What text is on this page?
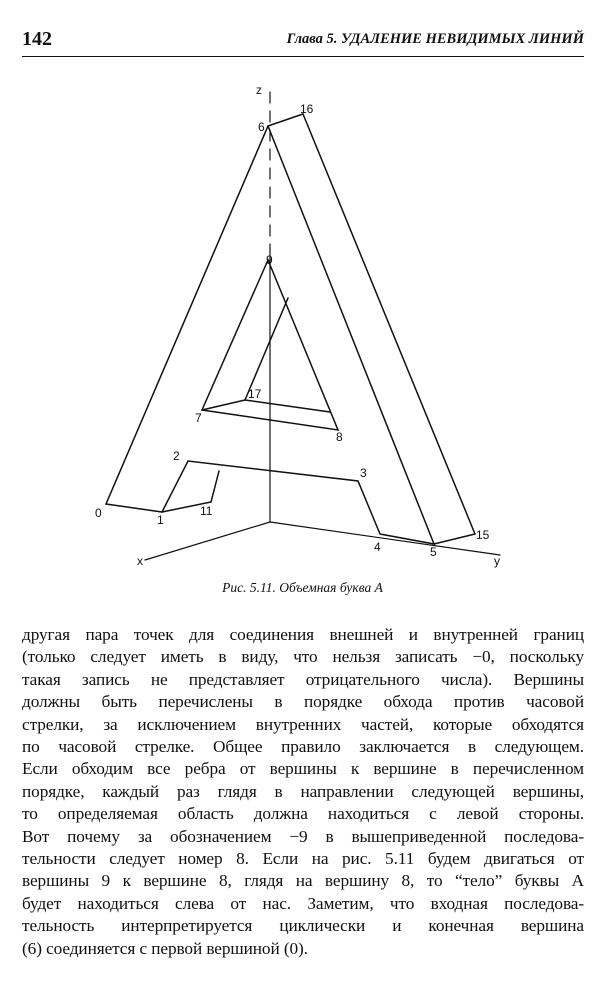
142	Глава 5. УДАЛЕНИЕ НЕВИДИМЫХ ЛИНИЙ
z
x	y
0	1
2
3
4	5
6
7
8
9
11
15
16
17
Рис. 5.11. Объемная буква А
другая пара точек для соединения внешней и внутренней границ
(только следует иметь в виду, что нельзя записать −0, поскольку
такая запись не представляет отрицательного числа). Вершины
должны быть перечислены в порядке обхода против часовой
стрелки, за исключением внутренних частей, которые обходятся
по часовой стрелке. Общее правило заключается в следующем.
Если обходим все ребра от вершины к вершине в перечисленном
порядке, каждый раз глядя в направлении следующей вершины,
то определяемая область должна находиться с левой стороны.
Вот почему за обозначением −9 в вышеприведенной последова-
тельности следует номер 8. Если на рис. 5.11 будем двигаться от
вершины 9 к вершине 8, глядя на вершину 8, то “тело” буквы А
будет находиться слева от нас. Заметим, что входная последова-
тельность интерпретируется циклически и конечная вершина
(6) соединяется с первой вершиной (0).
